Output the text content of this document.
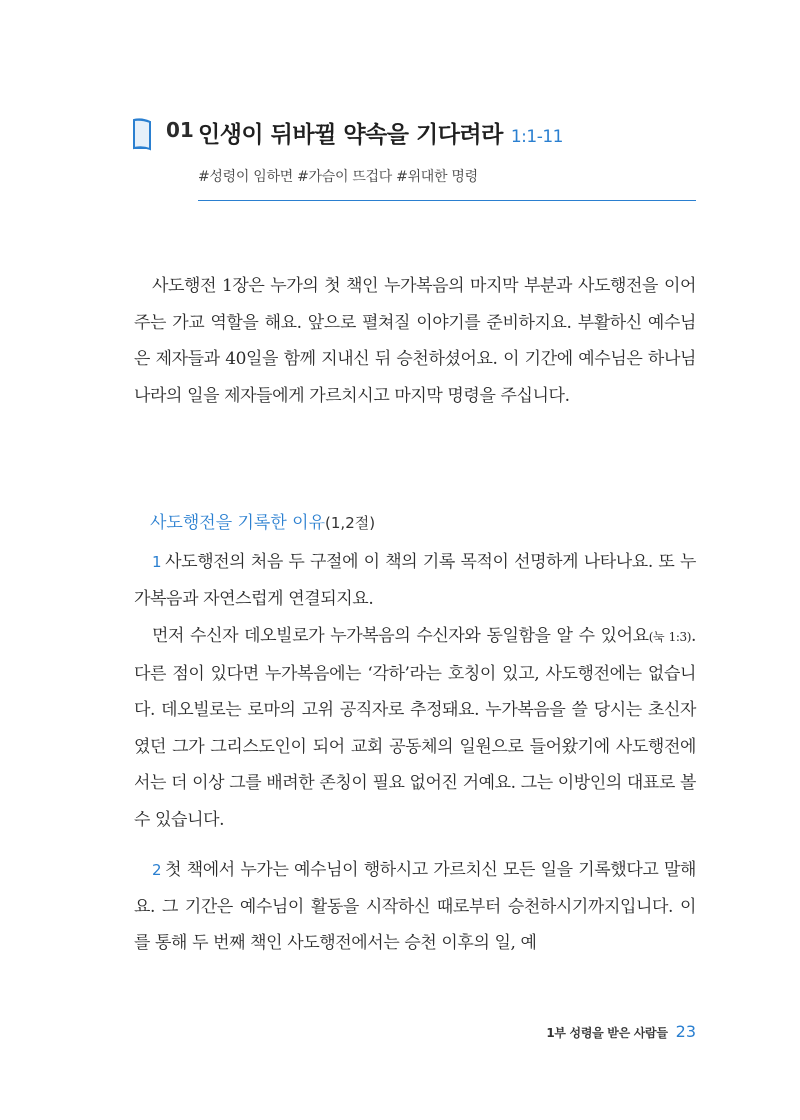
01 인생이 뒤바뀔 약속을 기다려라 1:1-11
#성령이 임하면 #가슴이 뜨겁다 #위대한 명령

사도행전 1장은 누가의 첫 책인 누가복음의 마지막 부분과 사도행전을 이어주는 가교 역할을 해요. 앞으로 펼쳐질 이야기를 준비하지요. 부활하신 예수님은 제자들과 40일을 함께 지내신 뒤 승천하셨어요. 이 기간에 예수님은 하나님나라의 일을 제자들에게 가르치시고 마지막 명령을 주십니다.

사도행전을 기록한 이유(1,2절)

1 사도행전의 처음 두 구절에 이 책의 기록 목적이 선명하게 나타나요. 또 누가복음과 자연스럽게 연결되지요.

먼저 수신자 데오빌로가 누가복음의 수신자와 동일함을 알 수 있어요(눅 1:3). 다른 점이 있다면 누가복음에는 ‘각하’라는 호칭이 있고, 사도행전에는 없습니다. 데오빌로는 로마의 고위 공직자로 추정돼요. 누가복음을 쓸 당시는 초신자였던 그가 그리스도인이 되어 교회 공동체의 일원으로 들어왔기에 사도행전에서는 더 이상 그를 배려한 존칭이 필요 없어진 거예요. 그는 이방인의 대표로 볼 수 있습니다.

2 첫 책에서 누가는 예수님이 행하시고 가르치신 모든 일을 기록했다고 말해요. 그 기간은 예수님이 활동을 시작하신 때로부터 승천하시기까지입니다. 이를 통해 두 번째 책인 사도행전에서는 승천 이후의 일, 예

1부 성령을 받은 사람들 23
